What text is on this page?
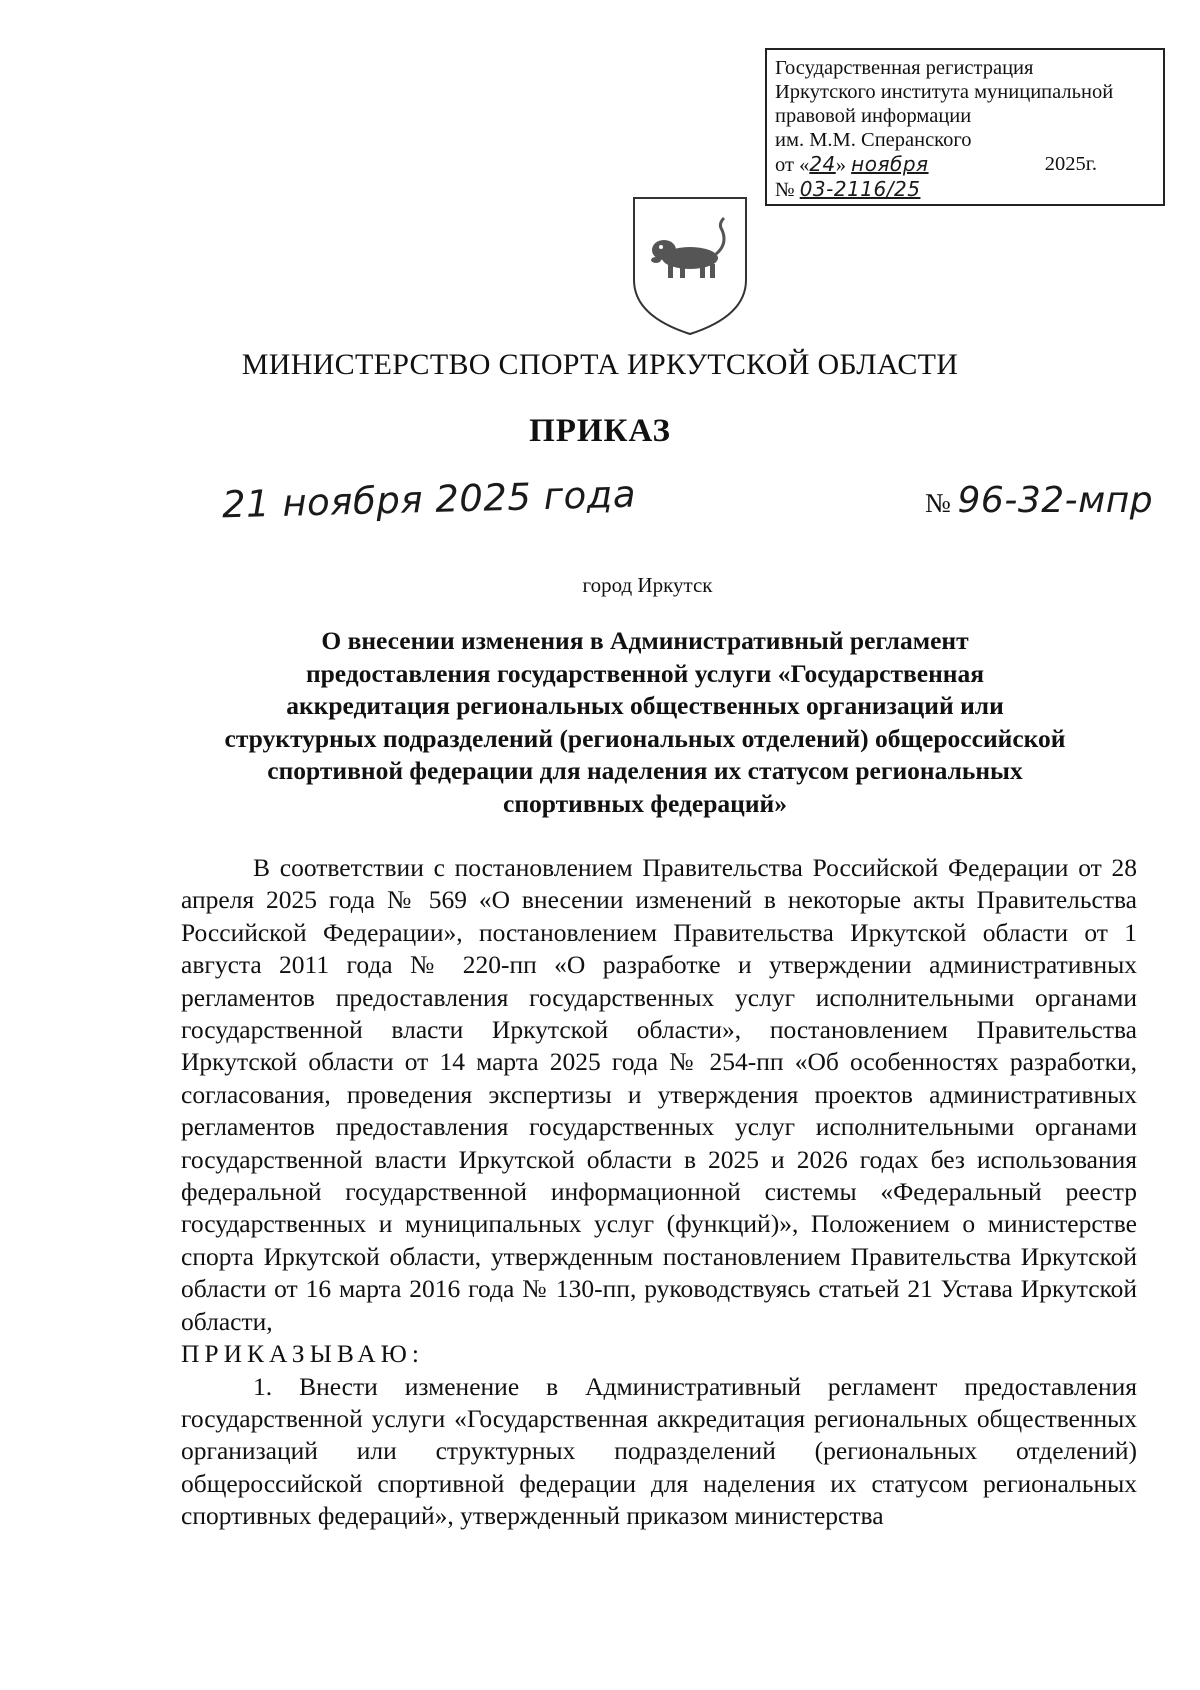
Государственная регистрация
Иркутского института муниципальной
правовой информации
им. М.М. Сперанского
от «24» ноября	2025г.
№ 03-2116/25
МИНИСТЕРСТВО СПОРТА ИРКУТСКОЙ ОБЛАСТИ
ПРИКАЗ
21 ноября 2025 года	№ 96-32-мпр
город Иркутск
О внесении изменения в Административный регламент
предоставления государственной услуги «Государственная
аккредитация региональных общественных организаций или
структурных подразделений (региональных отделений) общероссийской
спортивной федерации для наделения их статусом региональных
спортивных федераций»

В соответствии с постановлением Правительства Российской Федерации от 28 апреля 2025 года № 569 «О внесении изменений в некоторые акты Правительства Российской Федерации», постановлением Правительства Иркутской области от 1 августа 2011 года № 220-пп «О разработке и утверждении административных регламентов предоставления государственных услуг исполнительными органами государственной власти Иркутской области», постановлением Правительства Иркутской области от 14 марта 2025 года № 254-пп «Об особенностях разработки, согласования, проведения экспертизы и утверждения проектов административных регламентов предоставления государственных услуг исполнительными органами государственной власти Иркутской области в 2025 и 2026 годах без использования федеральной государственной информационной системы «Федеральный реестр государственных и муниципальных услуг (функций)», Положением о министерстве спорта Иркутской области, утвержденным постановлением Правительства Иркутской области от 16 марта 2016 года № 130-пп, руководствуясь статьей 21 Устава Иркутской области,

ПРИКАЗЫВАЮ:

1. Внести изменение в Административный регламент предоставления государственной услуги «Государственная аккредитация региональных общественных организаций или структурных подразделений (региональных отделений) общероссийской спортивной федерации для наделения их статусом региональных спортивных федераций», утвержденный приказом министерства
